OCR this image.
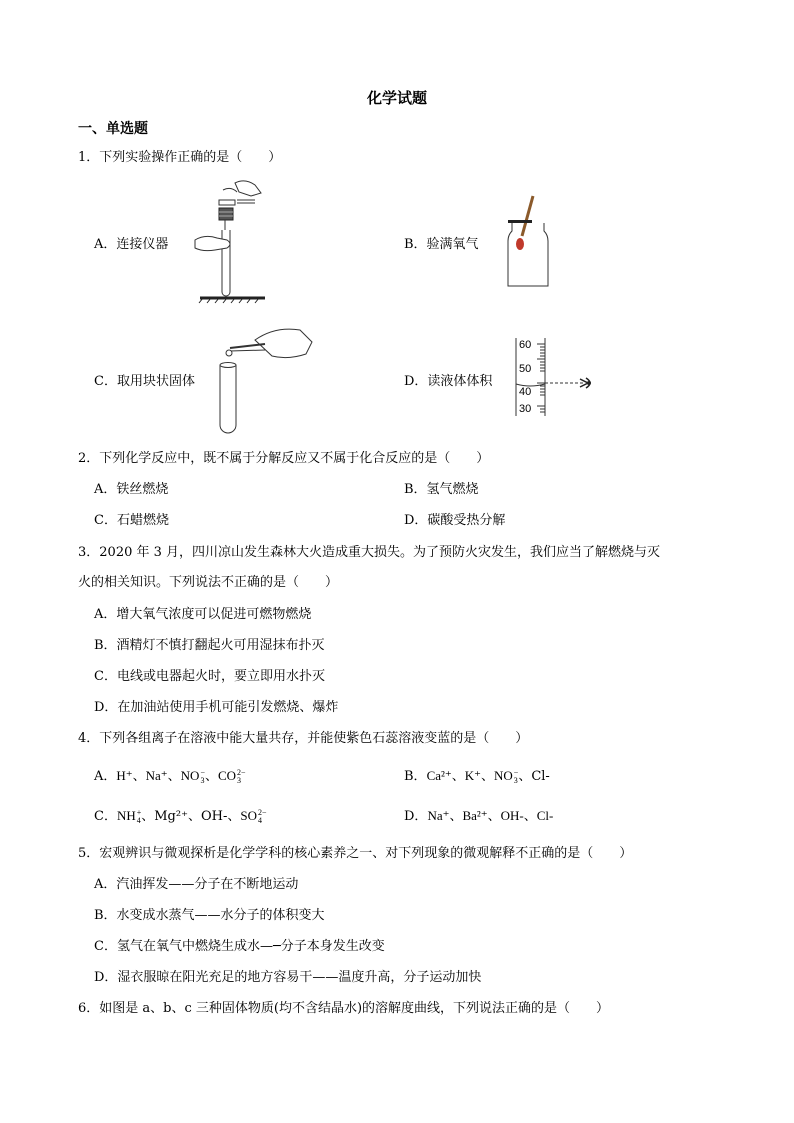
化学试题
一、单选题
1．下列实验操作正确的是（　　）
A．连接仪器	B．验满氧气
C．取用块状固体	D．读液体体积
60
50
40
30
2．下列化学反应中，既不属于分解反应又不属于化合反应的是（　　）
A．铁丝燃烧	B．氢气燃烧
C．石蜡燃烧	D．碳酸受热分解
3．2020 年 3 月，四川凉山发生森林大火造成重大损失。为了预防火灾发生，我们应当了解燃烧与灭
火的相关知识。下列说法不正确的是（　　）
A．增大氧气浓度可以促进可燃物燃烧
B．酒精灯不慎打翻起火可用湿抹布扑灭
C．电线或电器起火时，要立即用水扑灭
D．在加油站使用手机可能引发燃烧、爆炸
4．下列各组离子在溶液中能大量共存，并能使紫色石蕊溶液变蓝的是（　　）
A．H⁺、Na⁺、NO −
3 、CO 2−
3	B．Ca²⁺、K⁺、NO −
3 、Cl-
C．NH +
4 、Mg²⁺、OH-、SO 2−
4	D．Na⁺、Ba²⁺、OH-、Cl-
5．宏观辨识与微观探析是化学学科的核心素养之一、对下列现象的微观解释不正确的是（　　）
A．汽油挥发——分子在不断地运动
B．水变成水蒸气——水分子的体积变大
C．氢气在氧气中燃烧生成水—─分子本身发生改变
D．湿衣服晾在阳光充足的地方容易干——温度升高，分子运动加快
6．如图是 a、b、c 三种固体物质(均不含结晶水)的溶解度曲线，下列说法正确的是（　　）
